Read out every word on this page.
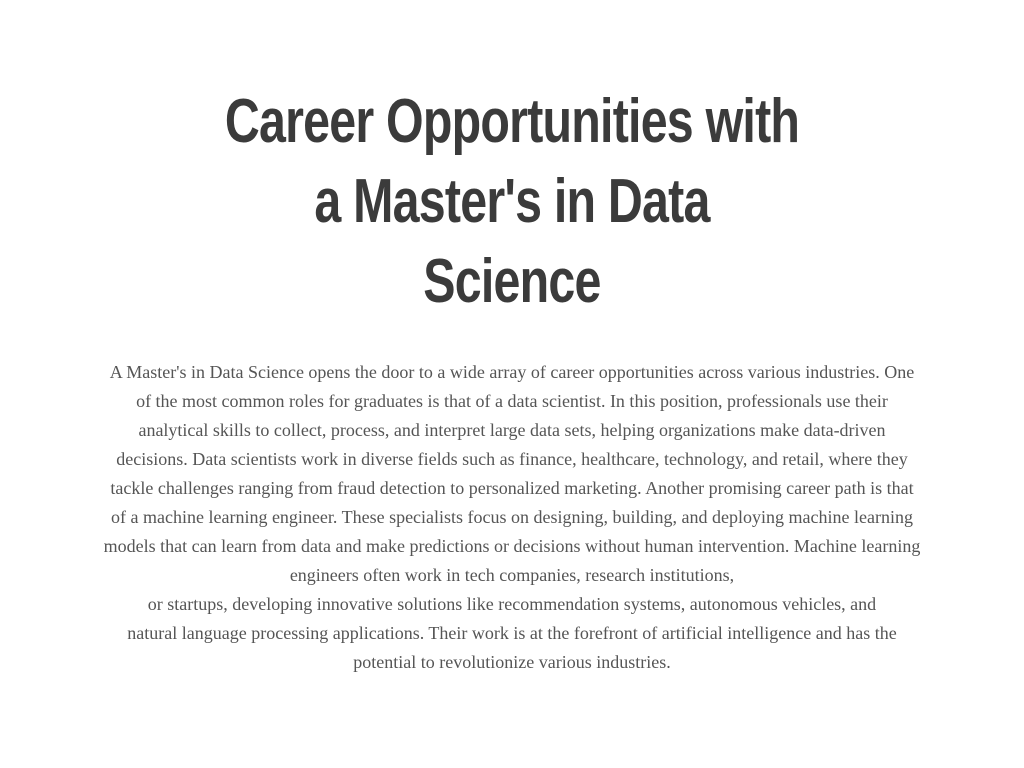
Career Opportunities with
a Master's in Data
Science
A Master's in Data Science opens the door to a wide array of career opportunities across various industries. One
of the most common roles for graduates is that of a data scientist. In this position, professionals use their
analytical skills to collect, process, and interpret large data sets, helping organizations make data-driven
decisions. Data scientists work in diverse fields such as finance, healthcare, technology, and retail, where they
tackle challenges ranging from fraud detection to personalized marketing. Another promising career path is that
of a machine learning engineer. These specialists focus on designing, building, and deploying machine learning
models that can learn from data and make predictions or decisions without human intervention. Machine learning
engineers often work in tech companies, research institutions,
or startups, developing innovative solutions like recommendation systems, autonomous vehicles, and
natural language processing applications. Their work is at the forefront of artificial intelligence and has the
potential to revolutionize various industries.
